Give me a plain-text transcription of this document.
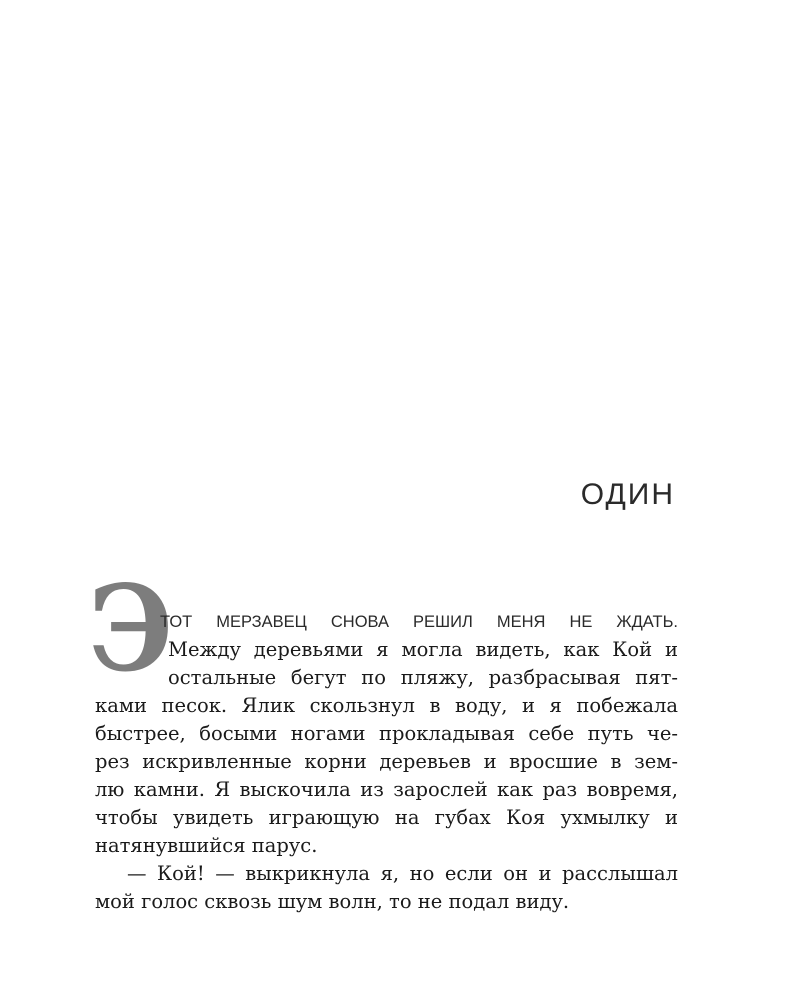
ОДИН
Э
ТОТ МЕРЗАВЕЦ СНОВА РЕШИЛ МЕНЯ НЕ ЖДАТЬ.
Между деревьями я могла видеть, как Кой и
остальные бегут по пляжу, разбрасывая пят-
ками песок. Ялик скользнул в воду, и я побежала
быстрее, босыми ногами прокладывая себе путь че-
рез искривленные корни деревьев и вросшие в зем-
лю камни. Я выскочила из зарослей как раз вовремя,
чтобы увидеть играющую на губах Коя ухмылку и
натянувшийся парус.
— Кой! — выкрикнула я, но если он и расслышал
мой голос сквозь шум волн, то не подал виду.
